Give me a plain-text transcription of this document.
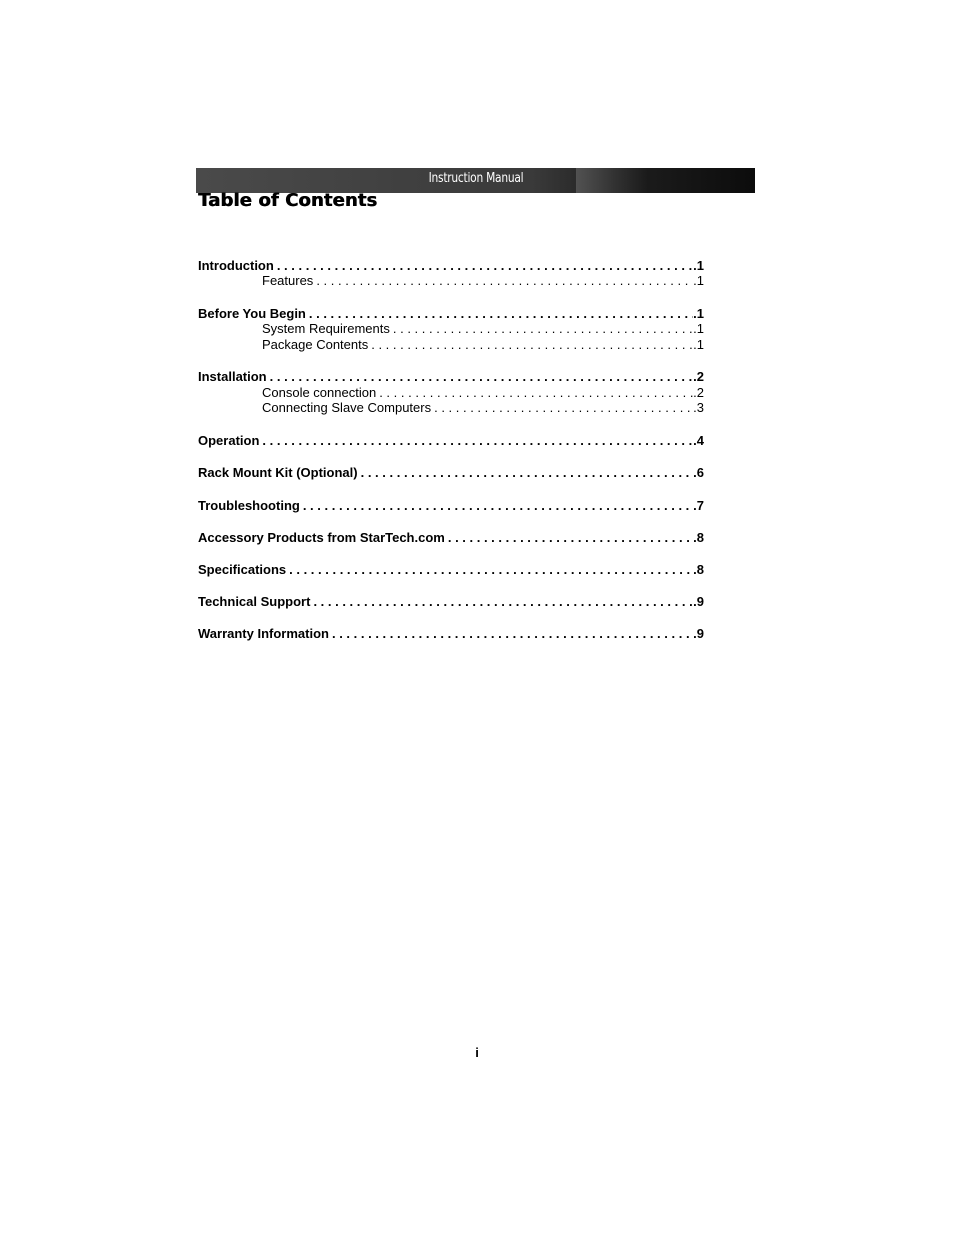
Instruction Manual
Table of Contents
Introduction . . .	.1
Features . . .	.1
Before You Begin . . .	.1
System Requirements . . .	.1
Package Contents . . .	.1
Installation . . .	.2
Console connection . . .	.2
Connecting Slave Computers . . .	.3
Operation . . .	.4
Rack Mount Kit (Optional) . . .	.6
Troubleshooting . . .	.7
Accessory Products from StarTech.com . . .	.8
Specifications . . .	.8
Technical Support . . .	.9
Warranty Information . . .	.9
i
